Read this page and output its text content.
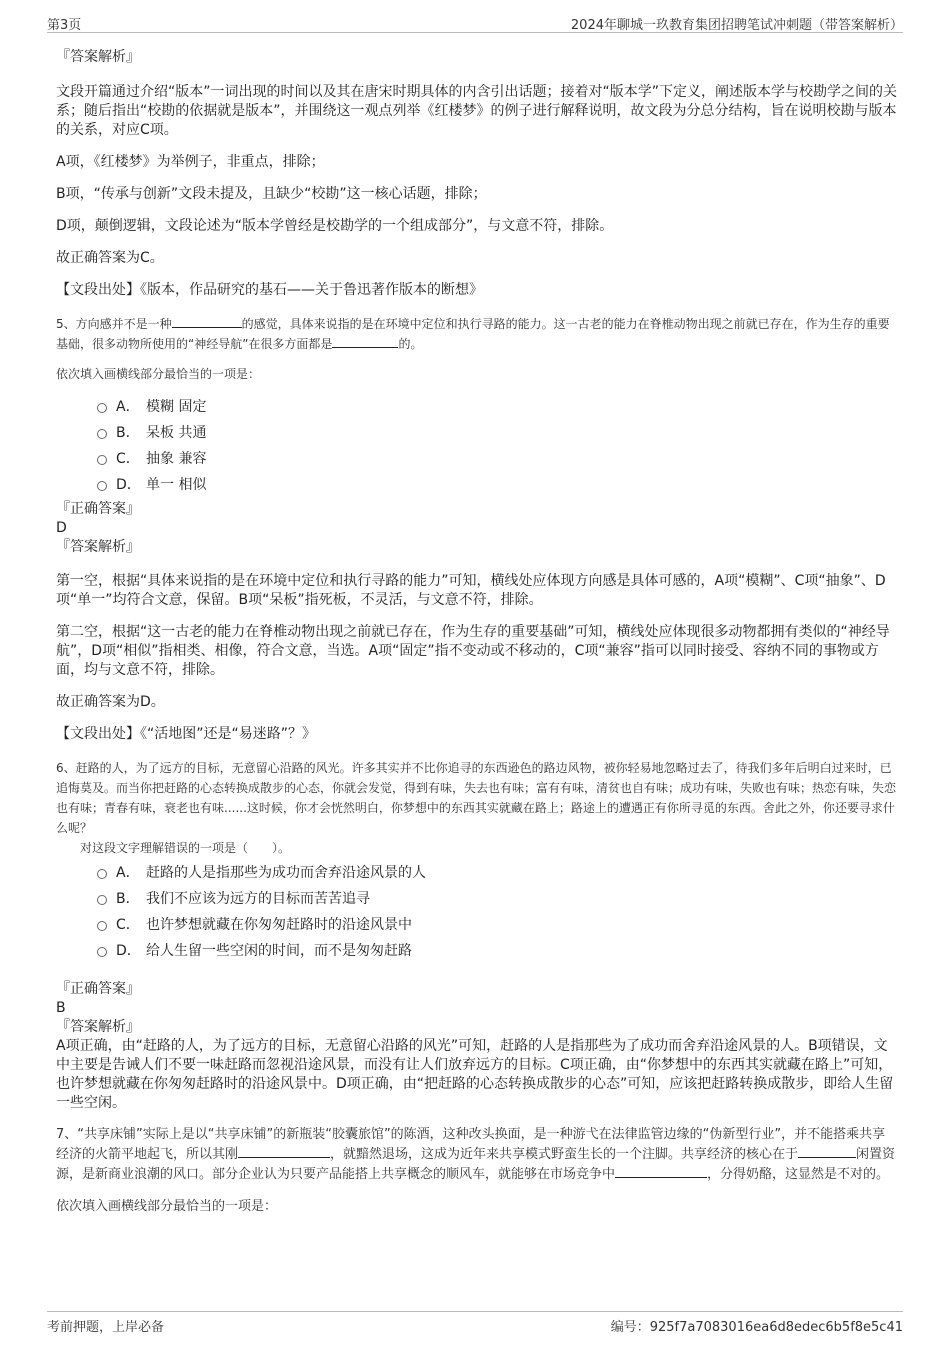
第3页	2024年聊城一玖教育集团招聘笔试冲刺题（带答案解析）

『答案解析』

文段开篇通过介绍“版本”一词出现的时间以及其在唐宋时期具体的内含引出话题；接着对“版本学”下定义，阐述版本学与校勘学之间的关系；随后指出“校勘的依据就是版本”，并围绕这一观点列举《红楼梦》的例子进行解释说明，故文段为分总分结构，旨在说明校勘与版本的关系，对应C项。

A项，《红楼梦》为举例子，非重点，排除；

B项，“传承与创新”文段未提及，且缺少“校勘”这一核心话题，排除；

D项，颠倒逻辑，文段论述为“版本学曾经是校勘学的一个组成部分”，与文意不符，排除。

故正确答案为C。

【文段出处】《版本，作品研究的基石——关于鲁迅著作版本的断想》

5、方向感并不是一种	的感觉，具体来说指的是在环境中定位和执行寻路的能力。这一古老的能力在脊椎动物出现之前就已存在，作为生存的重要基础，很多动物所使用的“神经导航”在很多方面都是	的。

依次填入画横线部分最恰当的一项是：

A． 模糊 固定
B． 呆板 共通
C． 抽象 兼容
D． 单一 相似

『正确答案』

D

『答案解析』

第一空，根据“具体来说指的是在环境中定位和执行寻路的能力”可知，横线处应体现方向感是具体可感的，A项“模糊”、C项“抽象”、D项“单一”均符合文意，保留。B项“呆板”指死板，不灵活，与文意不符，排除。

第二空，根据“这一古老的能力在脊椎动物出现之前就已存在，作为生存的重要基础”可知，横线处应体现很多动物都拥有类似的“神经导航”，D项“相似”指相类、相像，符合文意，当选。A项“固定”指不变动或不移动的，C项“兼容”指可以同时接受、容纳不同的事物或方面，均与文意不符，排除。

故正确答案为D。

【文段出处】《“活地图”还是“易迷路”？》

6、赶路的人，为了远方的目标，无意留心沿路的风光。许多其实并不比你追寻的东西逊色的路边风物，被你轻易地忽略过去了，待我们多年后明白过来时，已追悔莫及。而当你把赶路的心态转换成散步的心态，你就会发觉，得到有味，失去也有味；富有有味，清贫也自有味；成功有味，失败也有味；热恋有味，失恋也有味；青春有味，衰老也有味......这时候，你才会恍然明白，你梦想中的东西其实就藏在路上；路途上的遭遇正有你所寻觅的东西。舍此之外，你还要寻求什么呢？

对这段文字理解错误的一项是（　　）。

A． 赶路的人是指那些为成功而舍弃沿途风景的人
B． 我们不应该为远方的目标而苦苦追寻
C． 也许梦想就藏在你匆匆赶路时的沿途风景中
D． 给人生留一些空闲的时间，而不是匆匆赶路

『正确答案』

B

『答案解析』

A项正确，由“赶路的人，为了远方的目标，无意留心沿路的风光”可知，赶路的人是指那些为了成功而舍弃沿途风景的人。B项错误，文中主要是告诫人们不要一味赶路而忽视沿途风景，而没有让人们放弃远方的目标。C项正确，由“你梦想中的东西其实就藏在路上”可知，也许梦想就藏在你匆匆赶路时的沿途风景中。D项正确，由“把赶路的心态转换成散步的心态”可知，应该把赶路转换成散步，即给人生留一些空闲。

7、“共享床铺”实际上是以“共享床铺”的新瓶装“胶囊旅馆”的陈酒，这种改头换面，是一种游弋在法律监管边缘的“伪新型行业”，并不能搭乘共享经济的火箭平地起飞，所以其刚	，就黯然退场，这成为近年来共享模式野蛮生长的一个注脚。共享经济的核心在于	闲置资源，是新商业浪潮的风口。部分企业认为只要产品能搭上共享概念的顺风车，就能够在市场竞争中	，分得奶酪，这显然是不对的。

依次填入画横线部分最恰当的一项是：

考前押题，上岸必备	编号：925f7a7083016ea6d8edec6b5f8e5c41
